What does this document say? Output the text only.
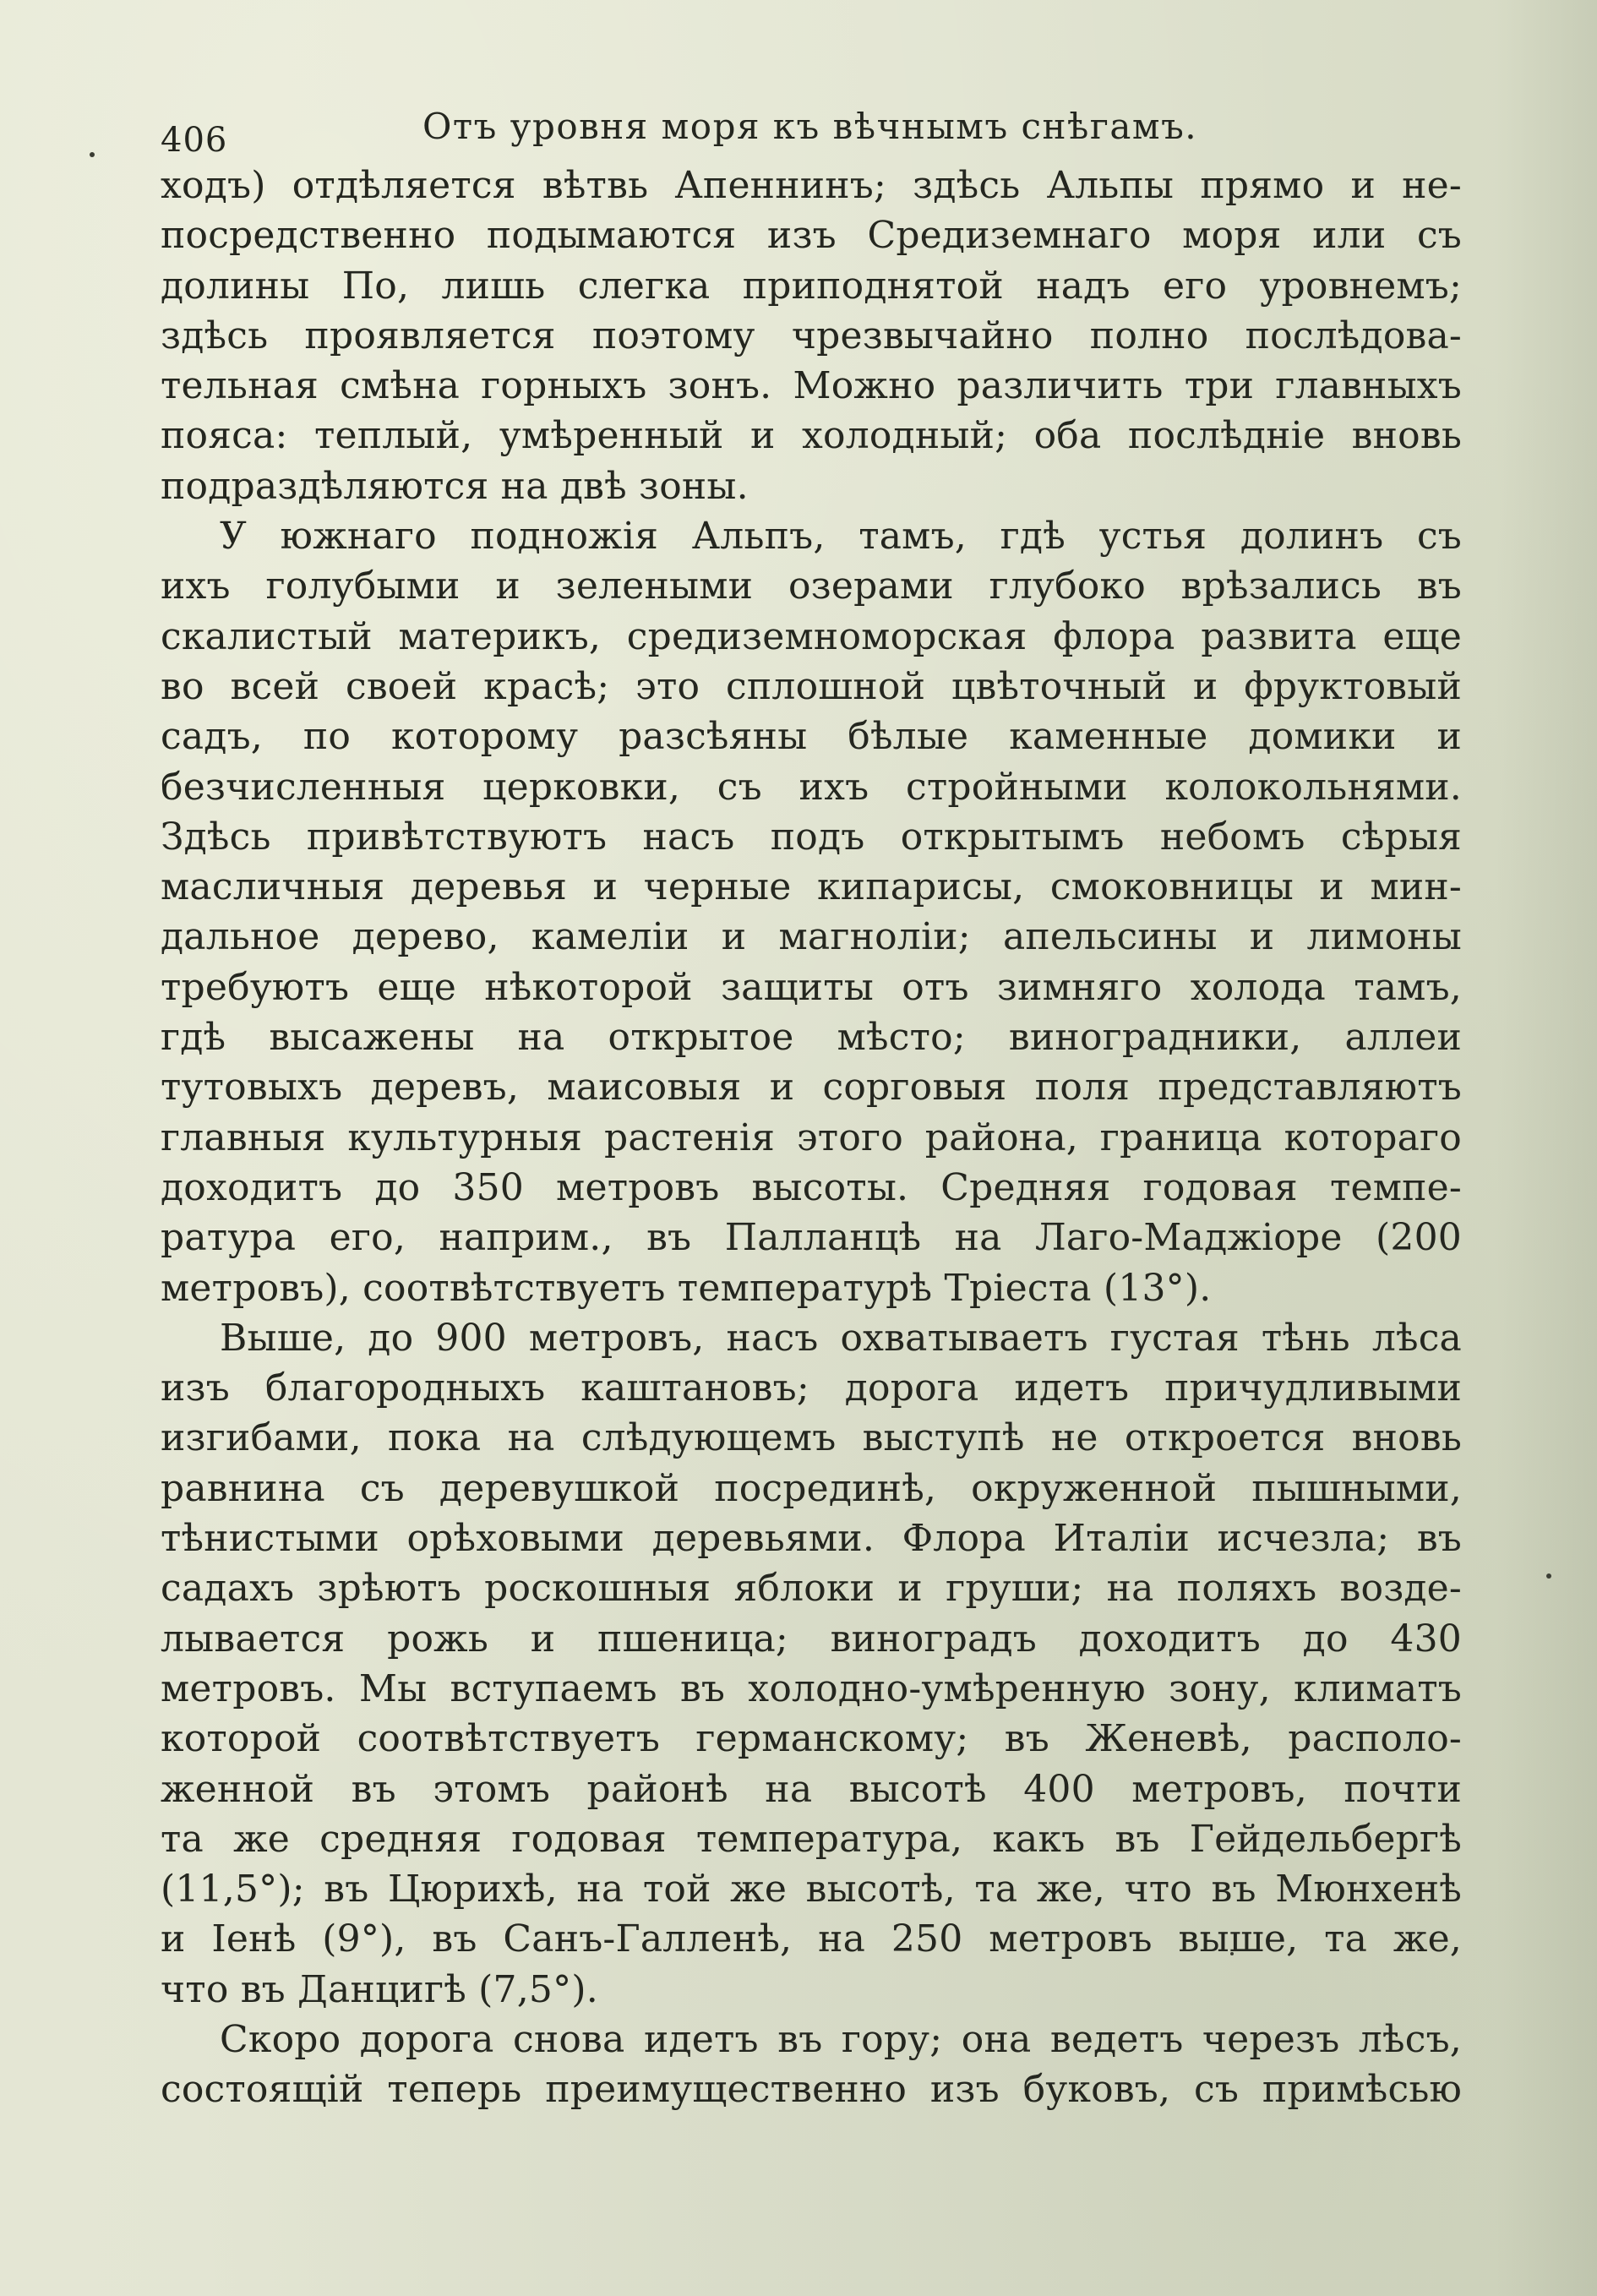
406	Отъ уровня моря къ вѣчнымъ снѣгамъ.
ходъ) отдѣляется вѣтвь Апеннинъ; здѣсь Альпы прямо и не-
посредственно подымаются изъ Средиземнаго моря или съ
долины По, лишь слегка приподнятой надъ его уровнемъ;
здѣсь проявляется поэтому чрезвычайно полно послѣдова-
тельная смѣна горныхъ зонъ. Можно различить три главныхъ
пояса: теплый, умѣренный и холодный; оба послѣдніе вновь
подраздѣляются на двѣ зоны.
У южнаго подножія Альпъ, тамъ, гдѣ устья долинъ съ
ихъ голубыми и зелеными озерами глубоко врѣзались въ
скалистый материкъ, средиземноморская флора развита еще
во всей своей красѣ; это сплошной цвѣточный и фруктовый
садъ, по которому разсѣяны бѣлые каменные домики и
безчисленныя церковки, съ ихъ стройными колокольнями.
Здѣсь привѣтствуютъ насъ подъ открытымъ небомъ сѣрыя
масличныя деревья и черные кипарисы, смоковницы и мин-
дальное дерево, камеліи и магноліи; апельсины и лимоны
требуютъ еще нѣкоторой защиты отъ зимняго холода тамъ,
гдѣ высажены на открытое мѣсто; виноградники, аллеи
тутовыхъ деревъ, маисовыя и сорговыя поля представляютъ
главныя культурныя растенія этого района, граница котораго
доходитъ до 350 метровъ высоты. Средняя годовая темпе-
ратура его, наприм., въ Палланцѣ на Лаго-Маджіоре (200
метровъ), соотвѣтствуетъ температурѣ Тріеста (13°).
Выше, до 900 метровъ, насъ охватываетъ густая тѣнь лѣса
изъ благородныхъ каштановъ; дорога идетъ причудливыми
изгибами, пока на слѣдующемъ выступѣ не откроется вновь
равнина съ деревушкой посрединѣ, окруженной пышными,
тѣнистыми орѣховыми деревьями. Флора Италіи исчезла; въ
садахъ зрѣютъ роскошныя яблоки и груши; на поляхъ возде-
лывается рожь и пшеница; виноградъ доходитъ до 430
метровъ. Мы вступаемъ въ холодно-умѣренную зону, климатъ
которой соотвѣтствуетъ германскому; въ Женевѣ, располо-
женной въ этомъ районѣ на высотѣ 400 метровъ, почти
та же средняя годовая температура, какъ въ Гейдельбергѣ
(11,5°); въ Цюрихѣ, на той же высотѣ, та же, что въ Мюнхенѣ
и Іенѣ (9°), въ Санъ-Галленѣ, на 250 метровъ выше, та же,
что въ Данцигѣ (7,5°).
Скоро дорога снова идетъ въ гору; она ведетъ черезъ лѣсъ,
состоящій теперь преимущественно изъ буковъ, съ примѣсью
